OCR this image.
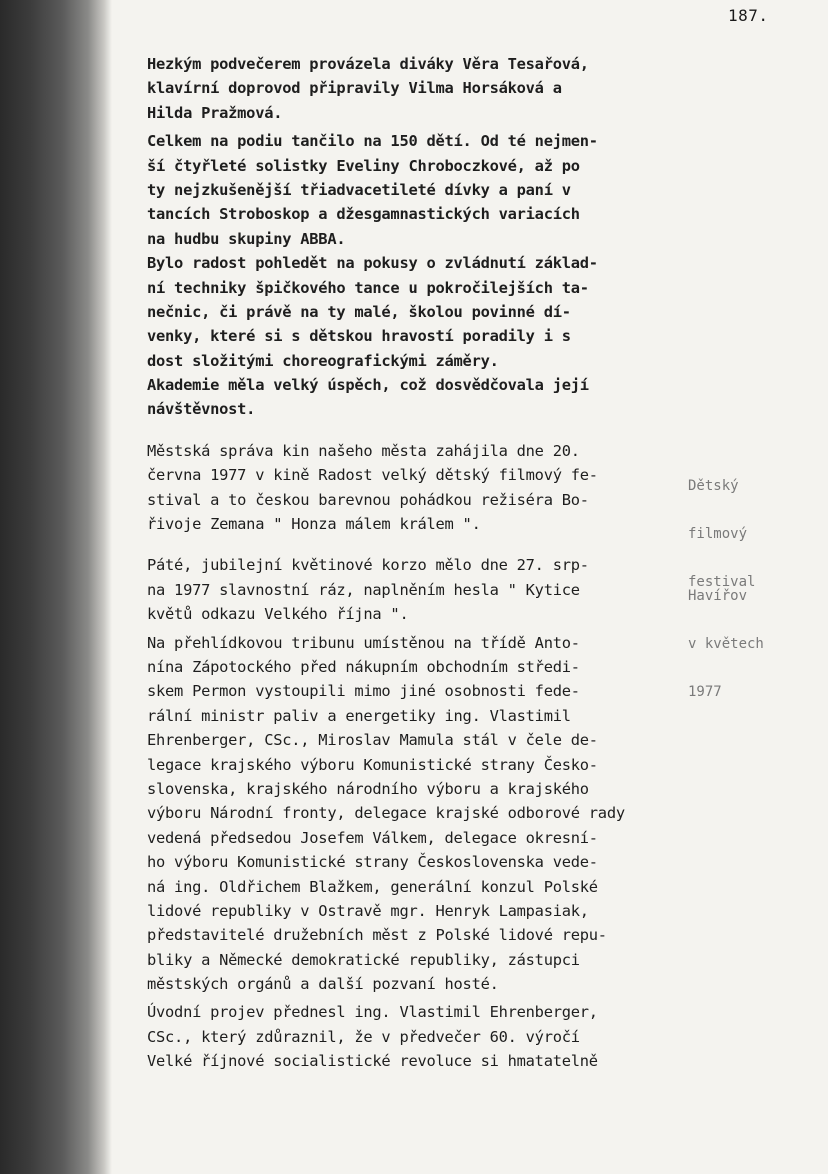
187.
Hezkým podvečerem provázela diváky Věra Tesařová,
klavírní doprovod připravily Vilma Horsáková a
Hilda Pražmová.
Celkem na podiu tančilo na 150 dětí. Od té nejmen-
ší čtyřleté solistky Eveliny Chroboczkové, až po
ty nejzkušenější třiadvacetileté dívky a paní v
tancích Stroboskop a džesgamnastických variacích
na hudbu skupiny ABBA.
Bylo radost pohledět na pokusy o zvládnutí základ-
ní techniky špičkového tance u pokročilejších ta-
nečnic, či právě na ty malé, školou povinné dí-
venky, které si s dětskou hravostí poradily i s
dost složitými choreografickými záměry.
Akademie měla velký úspěch, což dosvědčovala její
návštěvnost.
Městská správa kin našeho města zahájila dne 20.
června 1977 v kině Radost velký dětský filmový fe-
stival a to českou barevnou pohádkou režiséra Bo-
řivoje Zemana " Honza málem králem ".
Páté, jubilejní květinové korzo mělo dne 27. srp-
na 1977 slavnostní ráz, naplněním hesla " Kytice
květů odkazu Velkého října ".
Na přehlídkovou tribunu umístěnou na třídě Anto-
nína Zápotockého před nákupním obchodním středi-
skem Permon vystoupili mimo jiné osobnosti fede-
rální ministr paliv a energetiky ing. Vlastimil
Ehrenberger, CSc., Miroslav Mamula stál v čele de-
legace krajského výboru Komunistické strany Česko-
slovenska, krajského národního výboru a krajského
výboru Národní fronty, delegace krajské odborové rady
vedená předsedou Josefem Válkem, delegace okresní-
ho výboru Komunistické strany Československa vede-
ná ing. Oldřichem Blažkem, generální konzul Polské
lidové republiky v Ostravě mgr. Henryk Lampasiak,
představitelé družebních měst z Polské lidové repu-
bliky a Německé demokratické republiky, zástupci
městských orgánů a další pozvaní hosté.
Úvodní projev přednesl ing. Vlastimil Ehrenberger,
CSc., který zdůraznil, že v předvečer 60. výročí
Velké říjnové socialistické revoluce si hmatatelně

Dětský

filmový

festival

Havířov

v květech

1977
